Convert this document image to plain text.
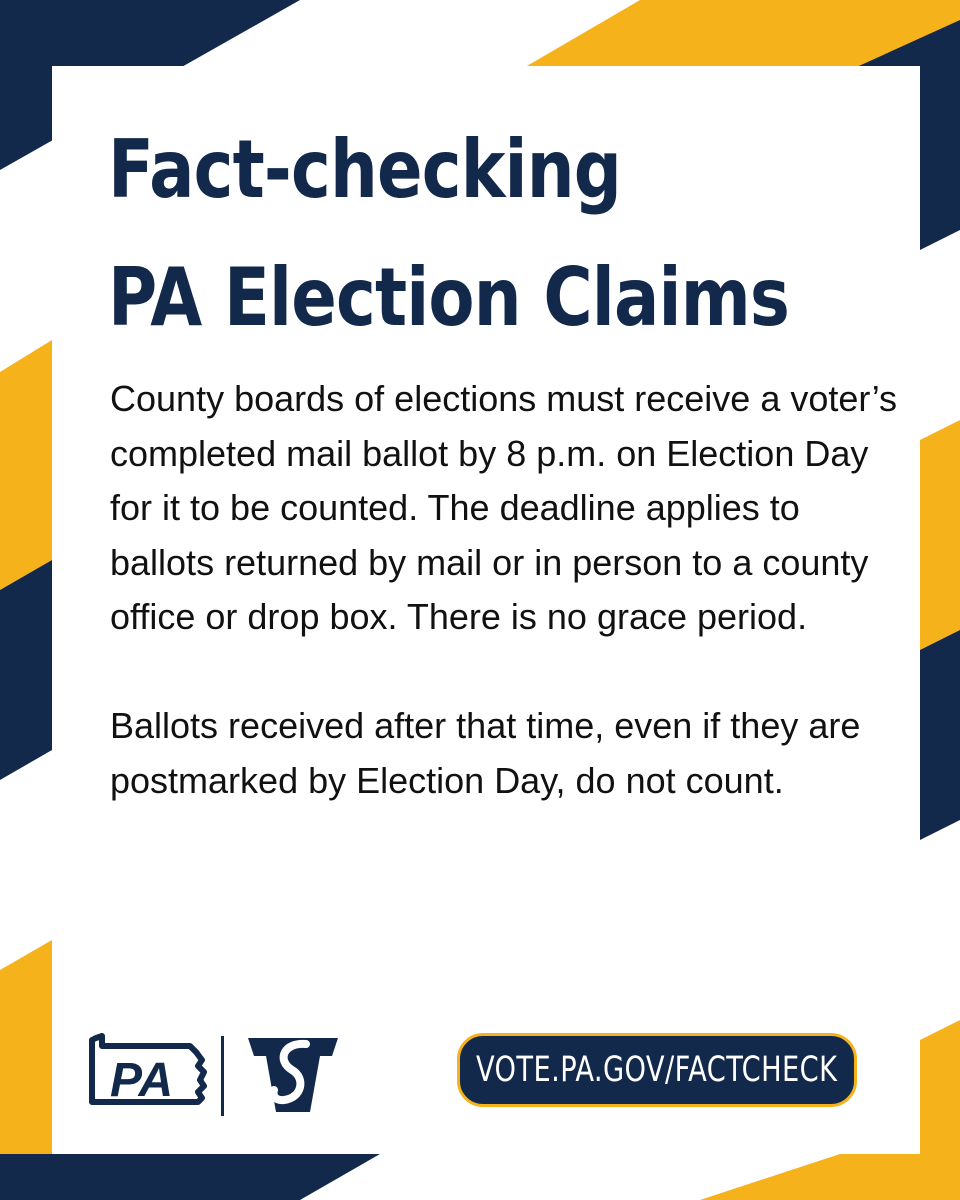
Fact-checking
PA Election Claims

County boards of elections must receive a voter’s completed mail ballot by 8 p.m. on Election Day for it to be counted. The deadline applies to ballots returned by mail or in person to a county office or drop box. There is no grace period.

Ballots received after that time, even if they are postmarked by Election Day, do not count.

PA	VOTE.PA.GOV/FACTCHECK
